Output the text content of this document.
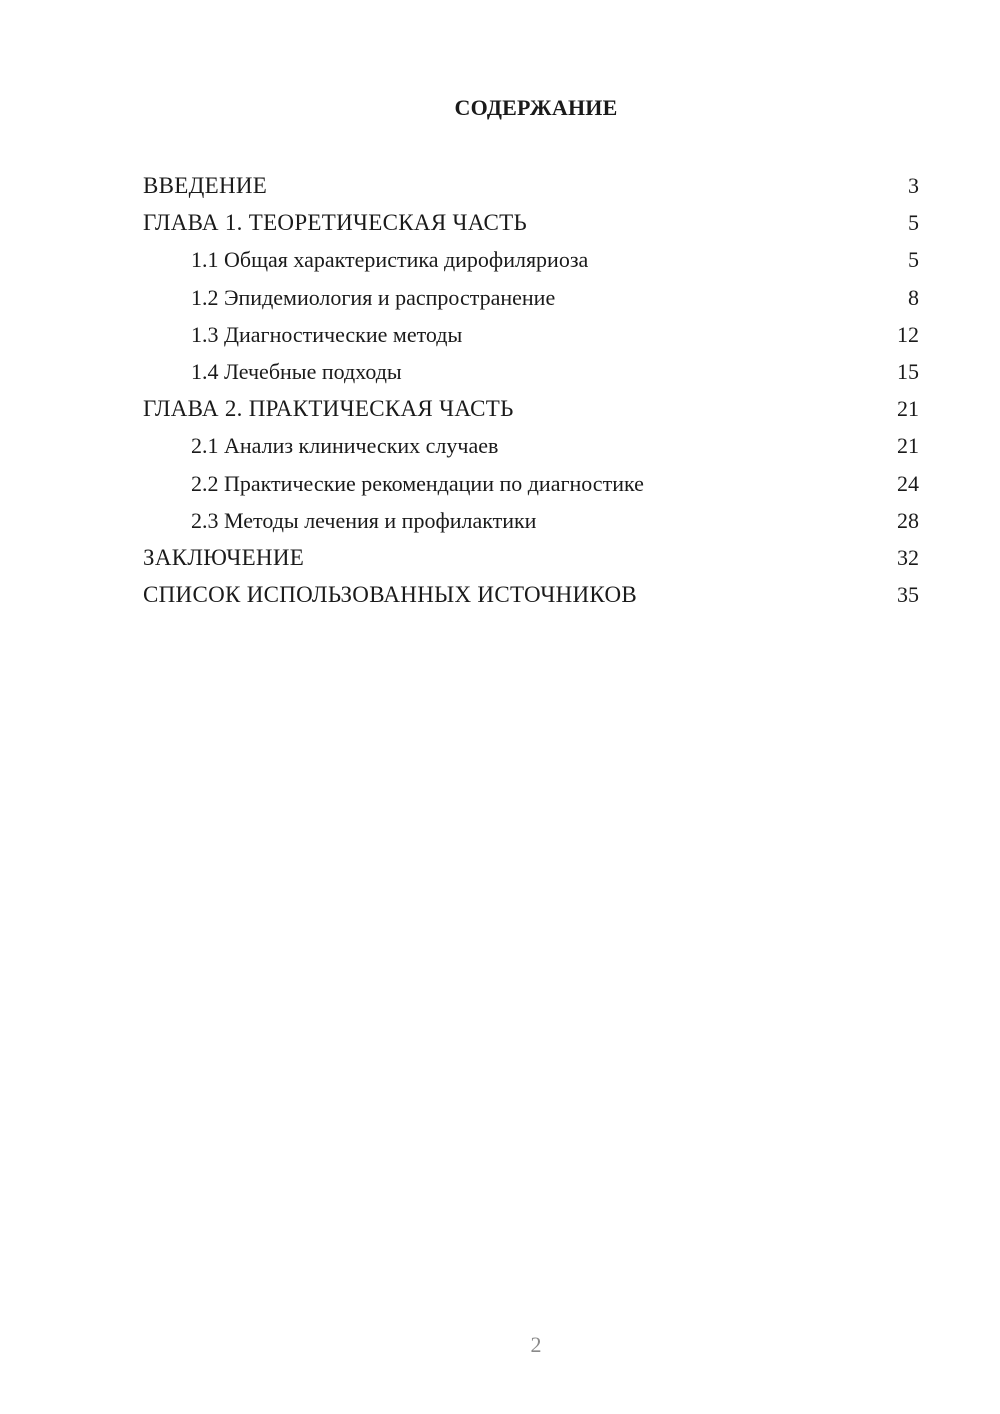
СОДЕРЖАНИЕ
ВВЕДЕНИЕ	3
ГЛАВА 1. ТЕОРЕТИЧЕСКАЯ ЧАСТЬ	5
1.1 Общая характеристика дирофиляриоза	5
1.2 Эпидемиология и распространение	8
1.3 Диагностические методы	12
1.4 Лечебные подходы	15
ГЛАВА 2. ПРАКТИЧЕСКАЯ ЧАСТЬ	21
2.1 Анализ клинических случаев	21
2.2 Практические рекомендации по диагностике	24
2.3 Методы лечения и профилактики	28
ЗАКЛЮЧЕНИЕ	32
СПИСОК ИСПОЛЬЗОВАННЫХ ИСТОЧНИКОВ	35
2
